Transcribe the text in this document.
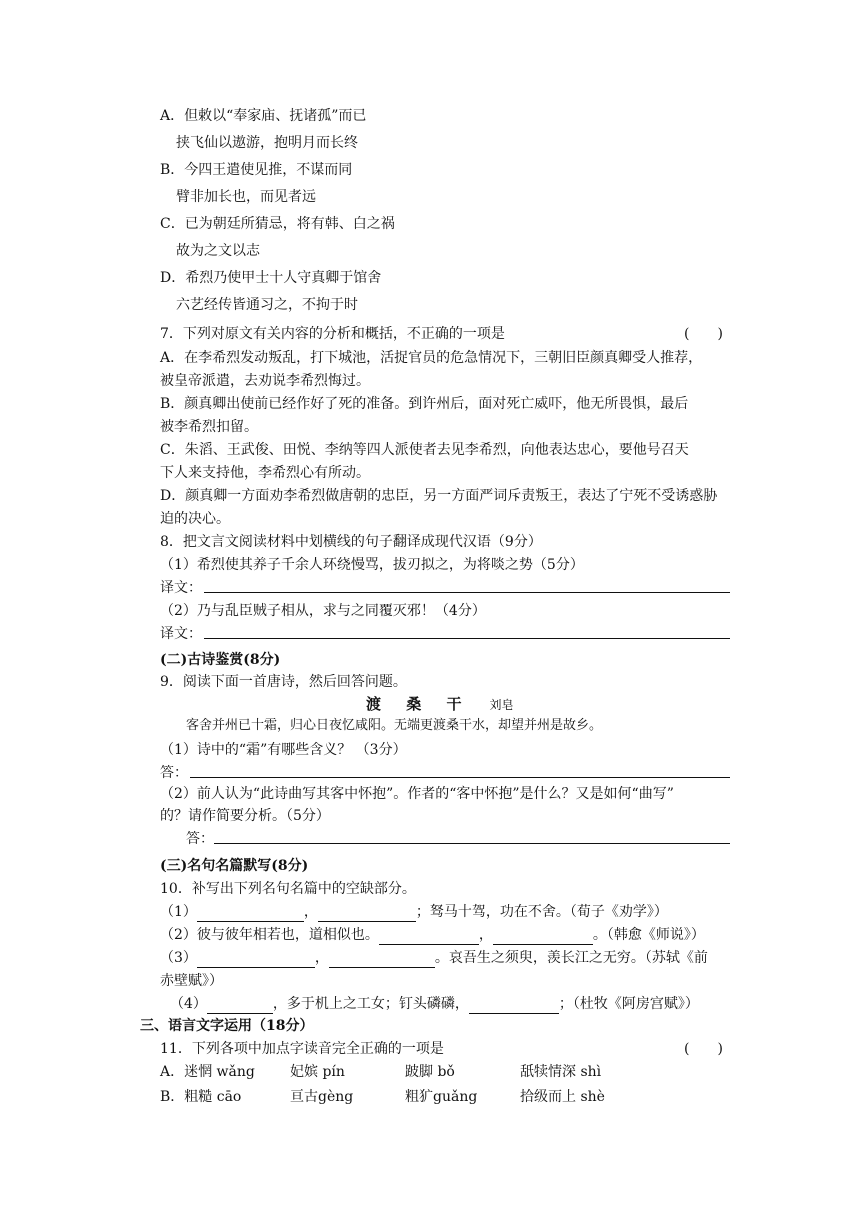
A．但敕以“奉家庙、抚诸孤”而已
挟飞仙以遨游，抱明月而长终
B．今四王遣使见推，不谋而同
臂非加长也，而见者远
C．已为朝廷所猜忌，将有韩、白之祸
故为之文以志
D．希烈乃使甲士十人守真卿于馆舍
六艺经传皆通习之，不拘于时
7．下列对原文有关内容的分析和概括，不正确的一项是	(　　)
A．在李希烈发动叛乱，打下城池，活捉官员的危急情况下，三朝旧臣颜真卿受人推荐，
被皇帝派遣，去劝说李希烈悔过。
B．颜真卿出使前已经作好了死的准备。到许州后，面对死亡威吓，他无所畏惧，最后
被李希烈扣留。
C．朱滔、王武俊、田悦、李纳等四人派使者去见李希烈，向他表达忠心，要他号召天
下人来支持他，李希烈心有所动。
D．颜真卿一方面劝李希烈做唐朝的忠臣，另一方面严词斥责叛王，表达了宁死不受诱惑胁
迫的决心。
8．把文言文阅读材料中划横线的句子翻译成现代汉语（9分）
（1）希烈使其养子千余人环绕慢骂，拔刃拟之，为将啖之势（5分）
译文：
（2）乃与乱臣贼子相从，求与之同覆灭邪！（4分）
译文：
(二)古诗鉴赏(8分)
9．阅读下面一首唐诗，然后回答问题。
渡 桑 干 刘皂
客舍并州已十霜，归心日夜忆咸阳。无端更渡桑干水，却望并州是故乡。
（1）诗中的“霜”有哪些含义？ （3分）
答：
（2）前人认为“此诗曲写其客中怀抱”。作者的“客中怀抱”是什么？又是如何“曲写”
的？请作简要分析。（5分）
答：
(三)名句名篇默写(8分)
10．补写出下列名句名篇中的空缺部分。
（1）	，	；驽马十驾，功在不舍。（荀子《劝学》）
（2）彼与彼年相若也，道相似也。	，	。（韩愈《师说》）
（3）	，	。哀吾生之须臾，羡长江之无穷。（苏轼《前
赤壁赋》）
（4）	，多于机上之工女；钉头磷磷，	；（杜牧《阿房宫赋》）
三、语言文字运用（18分）
11．下列各项中加点字读音完全正确的一项是	(　　)
A．迷惘 wǎng	妃嫔 pín	跛脚 bǒ	舐犊情深 shì
B．粗糙 cāo	亘古gèng	粗犷guǎng	拾级而上 shè
